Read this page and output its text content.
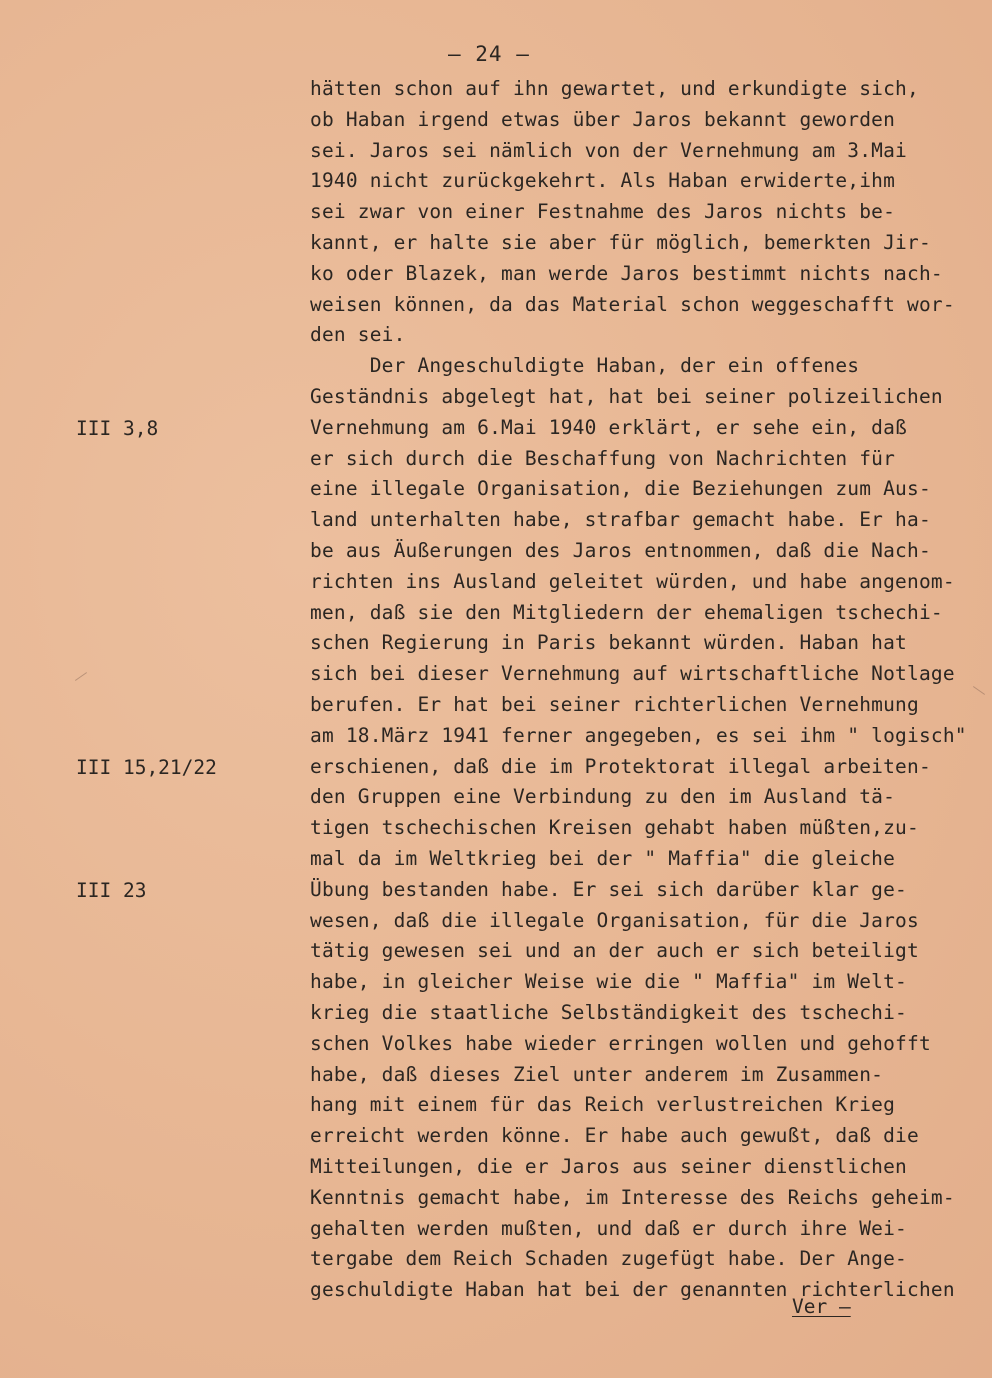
– 24 –
hätten schon auf ihn gewartet, und erkundigte sich,
ob Haban irgend etwas über Jaros bekannt geworden
sei. Jaros sei nämlich von der Vernehmung am 3.Mai
1940 nicht zurückgekehrt. Als Haban erwiderte,ihm
sei zwar von einer Festnahme des Jaros nichts be-
kannt, er halte sie aber für möglich, bemerkten Jir-
ko oder Blazek, man werde Jaros bestimmt nichts nach-
weisen können, da das Material schon weggeschafft wor-
den sei.
Der Angeschuldigte Haban, der ein offenes
Geständnis abgelegt hat, hat bei seiner polizeilichen
Vernehmung am 6.Mai 1940 erklärt, er sehe ein, daß
er sich durch die Beschaffung von Nachrichten für
eine illegale Organisation, die Beziehungen zum Aus-
land unterhalten habe, strafbar gemacht habe. Er ha-
be aus Äußerungen des Jaros entnommen, daß die Nach-
richten ins Ausland geleitet würden, und habe angenom-
men, daß sie den Mitgliedern der ehemaligen tschechi-
schen Regierung in Paris bekannt würden. Haban hat
sich bei dieser Vernehmung auf wirtschaftliche Notlage
berufen. Er hat bei seiner richterlichen Vernehmung
am 18.März 1941 ferner angegeben, es sei ihm " logisch"
erschienen, daß die im Protektorat illegal arbeiten-
den Gruppen eine Verbindung zu den im Ausland tä-
tigen tschechischen Kreisen gehabt haben müßten,zu-
mal da im Weltkrieg bei der " Maffia" die gleiche
Übung bestanden habe. Er sei sich darüber klar ge-
wesen, daß die illegale Organisation, für die Jaros
tätig gewesen sei und an der auch er sich beteiligt
habe, in gleicher Weise wie die " Maffia" im Welt-
krieg die staatliche Selbständigkeit des tschechi-
schen Volkes habe wieder erringen wollen und gehofft
habe, daß dieses Ziel unter anderem im Zusammen-
hang mit einem für das Reich verlustreichen Krieg
erreicht werden könne. Er habe auch gewußt, daß die
Mitteilungen, die er Jaros aus seiner dienstlichen
Kenntnis gemacht habe, im Interesse des Reichs geheim-
gehalten werden mußten, und daß er durch ihre Wei-
tergabe dem Reich Schaden zugefügt habe. Der Ange-
geschuldigte Haban hat bei der genannten richterlichen
III 3,8
III 15,21/22
III 23
Ver –
